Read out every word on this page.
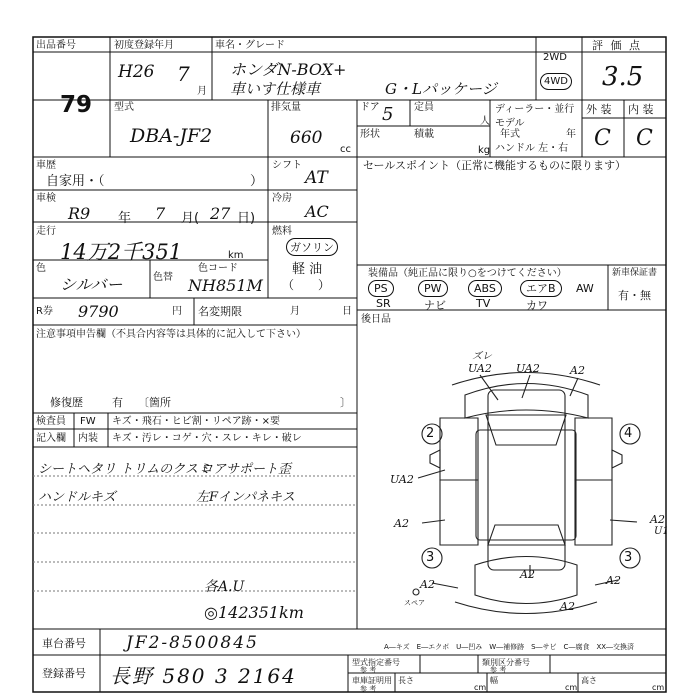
出品番号
79
初度登録年月
H26 7
月
車名・グレード
ホンダN-BOX+
車いす仕様車	G・Lパッケージ
2WD
4WD
評 価 点
3.5
型式
DBA-JF2
排気量
660
cc
ドア 5 定員
人
形状	積載
kg
ディーラー・並行
モデル
年式	年
ハンドル 左・右
外 装 内 装
C C
車歴
自家用・（	）
シフト
AT
セールスポイント（正常に機能するものに限ります）
車検
R9 年 7 月( 27 日)
冷房
AC
走行
14万2千351	km
燃料
ガソリン
軽 油
（　　）
色
シルバー	色替
色コード
NH851M
R券 9790	円 名変期限	月	日
装備品（純正品に限り○をつけてください）
PS	PW	ABS	エアB	AW
SR	ナビ	TV	カワ
新車保証書
有・無
後日品
注意事項申告欄（不具合内容等は具体的に記入して下さい）
修復歴	有 〔箇所	〕
検査員 FW キズ・飛石・ヒビ割・リペア跡・×要
記入欄 内装 キズ・汚レ・コゲ・穴・スレ・キレ・破レ
シートヘタリ トリムのクスミ
ロアサポート歪
ハンドルキズ	左Fインパネキス
各A.U
◎142351km
ズレ
UA2 UA2	A2
2	4
UA2
A2	A2
U1
A2
3	3
A2	A2
A2
スペア
A―キズ　E―エクボ　U―凹み　W―補修跡　S―サビ　C―腐食　XX―交換済
車台番号 JF2-8500845
登録番号 長野 580 3 2164
型式指定番号
参 考
類別区分番号
参 考
車庫証明用
参 考
長さ
cm
幅
cm
高さ
cm
